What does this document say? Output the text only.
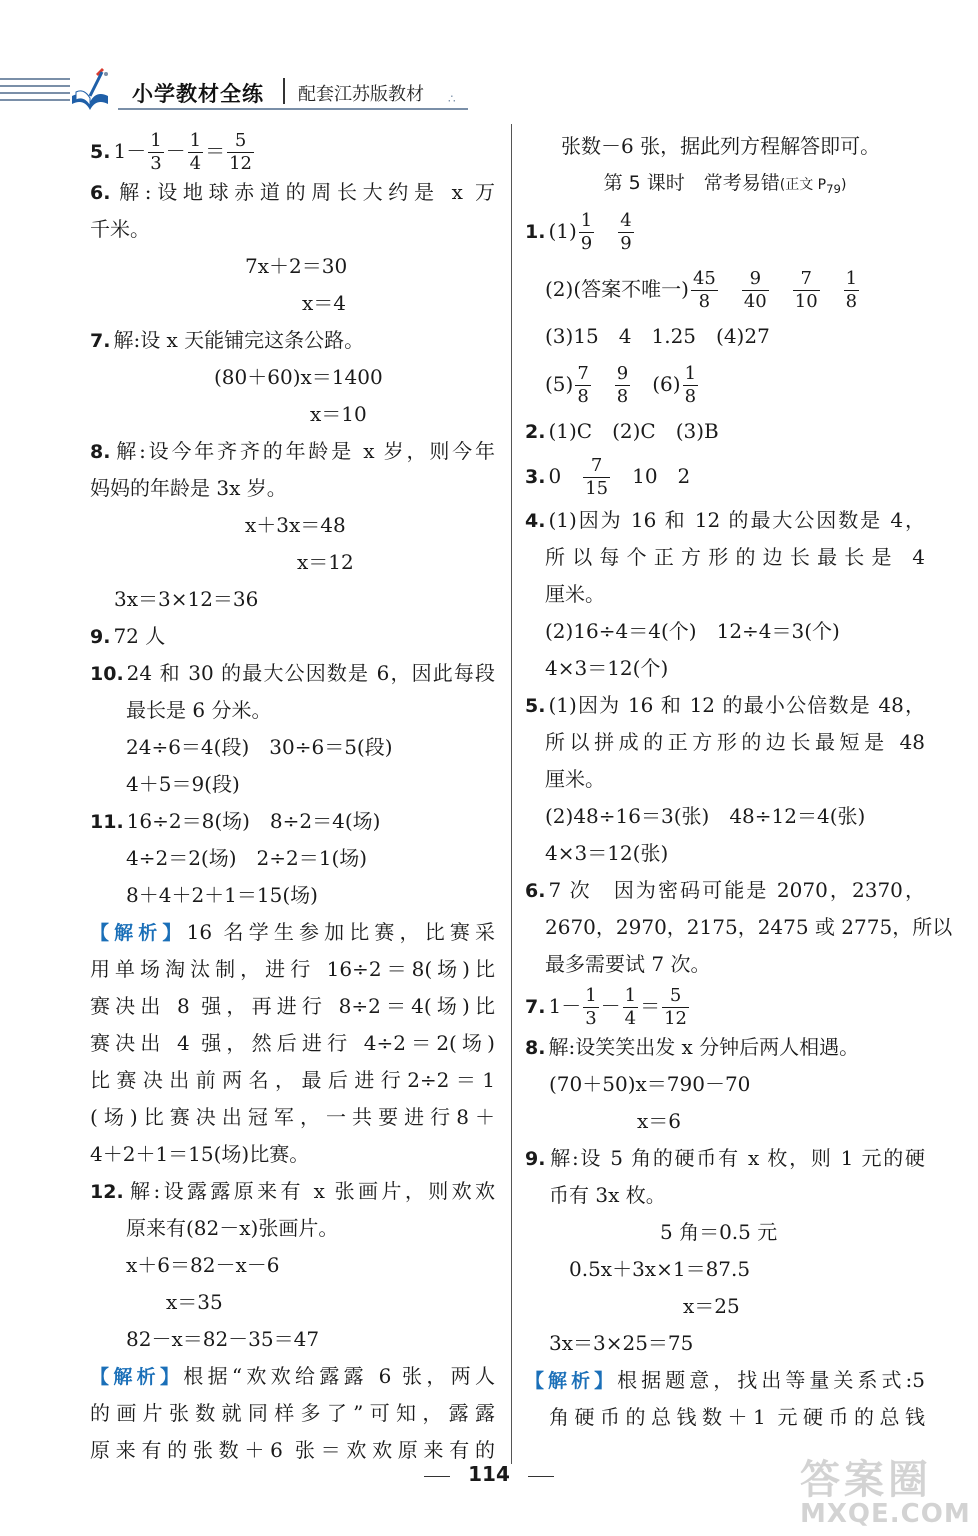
小学教材全练 配套江苏版教材 ∴
5. $1- \frac{1}{3} - \frac{1}{4} = \frac{5}{12}$
6. 解:设地球赤道的周长大约是 x 万
千米。
7x＋2＝30
x＝4
7. 解:设 x 天能铺完这条公路。
(80＋60)x＝1400
x＝10
8. 解:设今年齐齐的年龄是 x 岁，则今年
妈妈的年龄是 3x 岁。
x＋3x＝48
x＝12
3x＝3×12＝36
9. 72 人
10. 24 和 30 的最大公因数是 6，因此每段
最长是 6 分米。
24÷6＝4(段)　30÷6＝5(段)
4＋5＝9(段)
11. 16÷2＝8(场)　8÷2＝4(场)
4÷2＝2(场)　2÷2＝1(场)
8＋4＋2＋1＝15(场)
【解析】16 名学生参加比赛，比赛采
用单场淘汰制，进行 16÷2＝8(场)比
赛决出 8 强，再进行 8÷2＝4(场)比
赛决出 4 强，然后进行 4÷2＝2(场)
比赛决出前两名，最后进行2÷2＝1
(场)比赛决出冠军，一共要进行8＋
4＋2＋1＝15(场)比赛。
12. 解:设露露原来有 x 张画片，则欢欢
原来有(82－x)张画片。
x＋6＝82－x－6
x＝35
82－x＝82－35＝47
【解析】根据“欢欢给露露 6 张，两人
的画片张数就同样多了”可知，露露
原来有的张数＋6 张＝欢欢原来有的
张数－6 张，据此列方程解答即可。
第 5 课时　常考易错(正文 $P_{79}$)
1. $(1) \frac{1}{9}$
　 $\frac{4}{9}$
(2)(答案不唯一) $\frac{45}{8}$
　 $\frac{9}{40}$
　 $\frac{7}{10}$
　 $\frac{1}{8}$
(3)15　4　1.25　(4)27
$(5) \frac{7}{8}$
　 $\frac{9}{8}$
　 $(6) \frac{1}{8}$
2. (1)C　(2)C　(3)B
3. 0　 $\frac{7}{15}$
　 10　2
4. (1)因为 16 和 12 的最大公因数是 4，
所以每个正方形的边长最长是 4
厘米。
(2)16÷4＝4(个)　12÷4＝3(个)
4×3＝12(个)
5. (1)因为 16 和 12 的最小公倍数是 48，
所以拼成的正方形的边长最短是 48
厘米。
(2)48÷16＝3(张)　48÷12＝4(张)
4×3＝12(张)
6. 7 次　因为密码可能是 2070，2370，
2670，2970，2175，2475 或 2775，所以
最多需要试 7 次。
7. $1- \frac{1}{3} - \frac{1}{4} = \frac{5}{12}$
8. 解:设笑笑出发 x 分钟后两人相遇。
(70＋50)x＝790－70
x＝6
9. 解:设 5 角的硬币有 x 枚，则 1 元的硬
币有 3x 枚。
5 角＝0.5 元
0.5x＋3x×1＝87.5
x＝25
3x＝3×25＝75
【解析】根据题意，找出等量关系式:5
角硬币的总钱数＋1 元硬币的总钱
114	答案圈
MXQE.COM
